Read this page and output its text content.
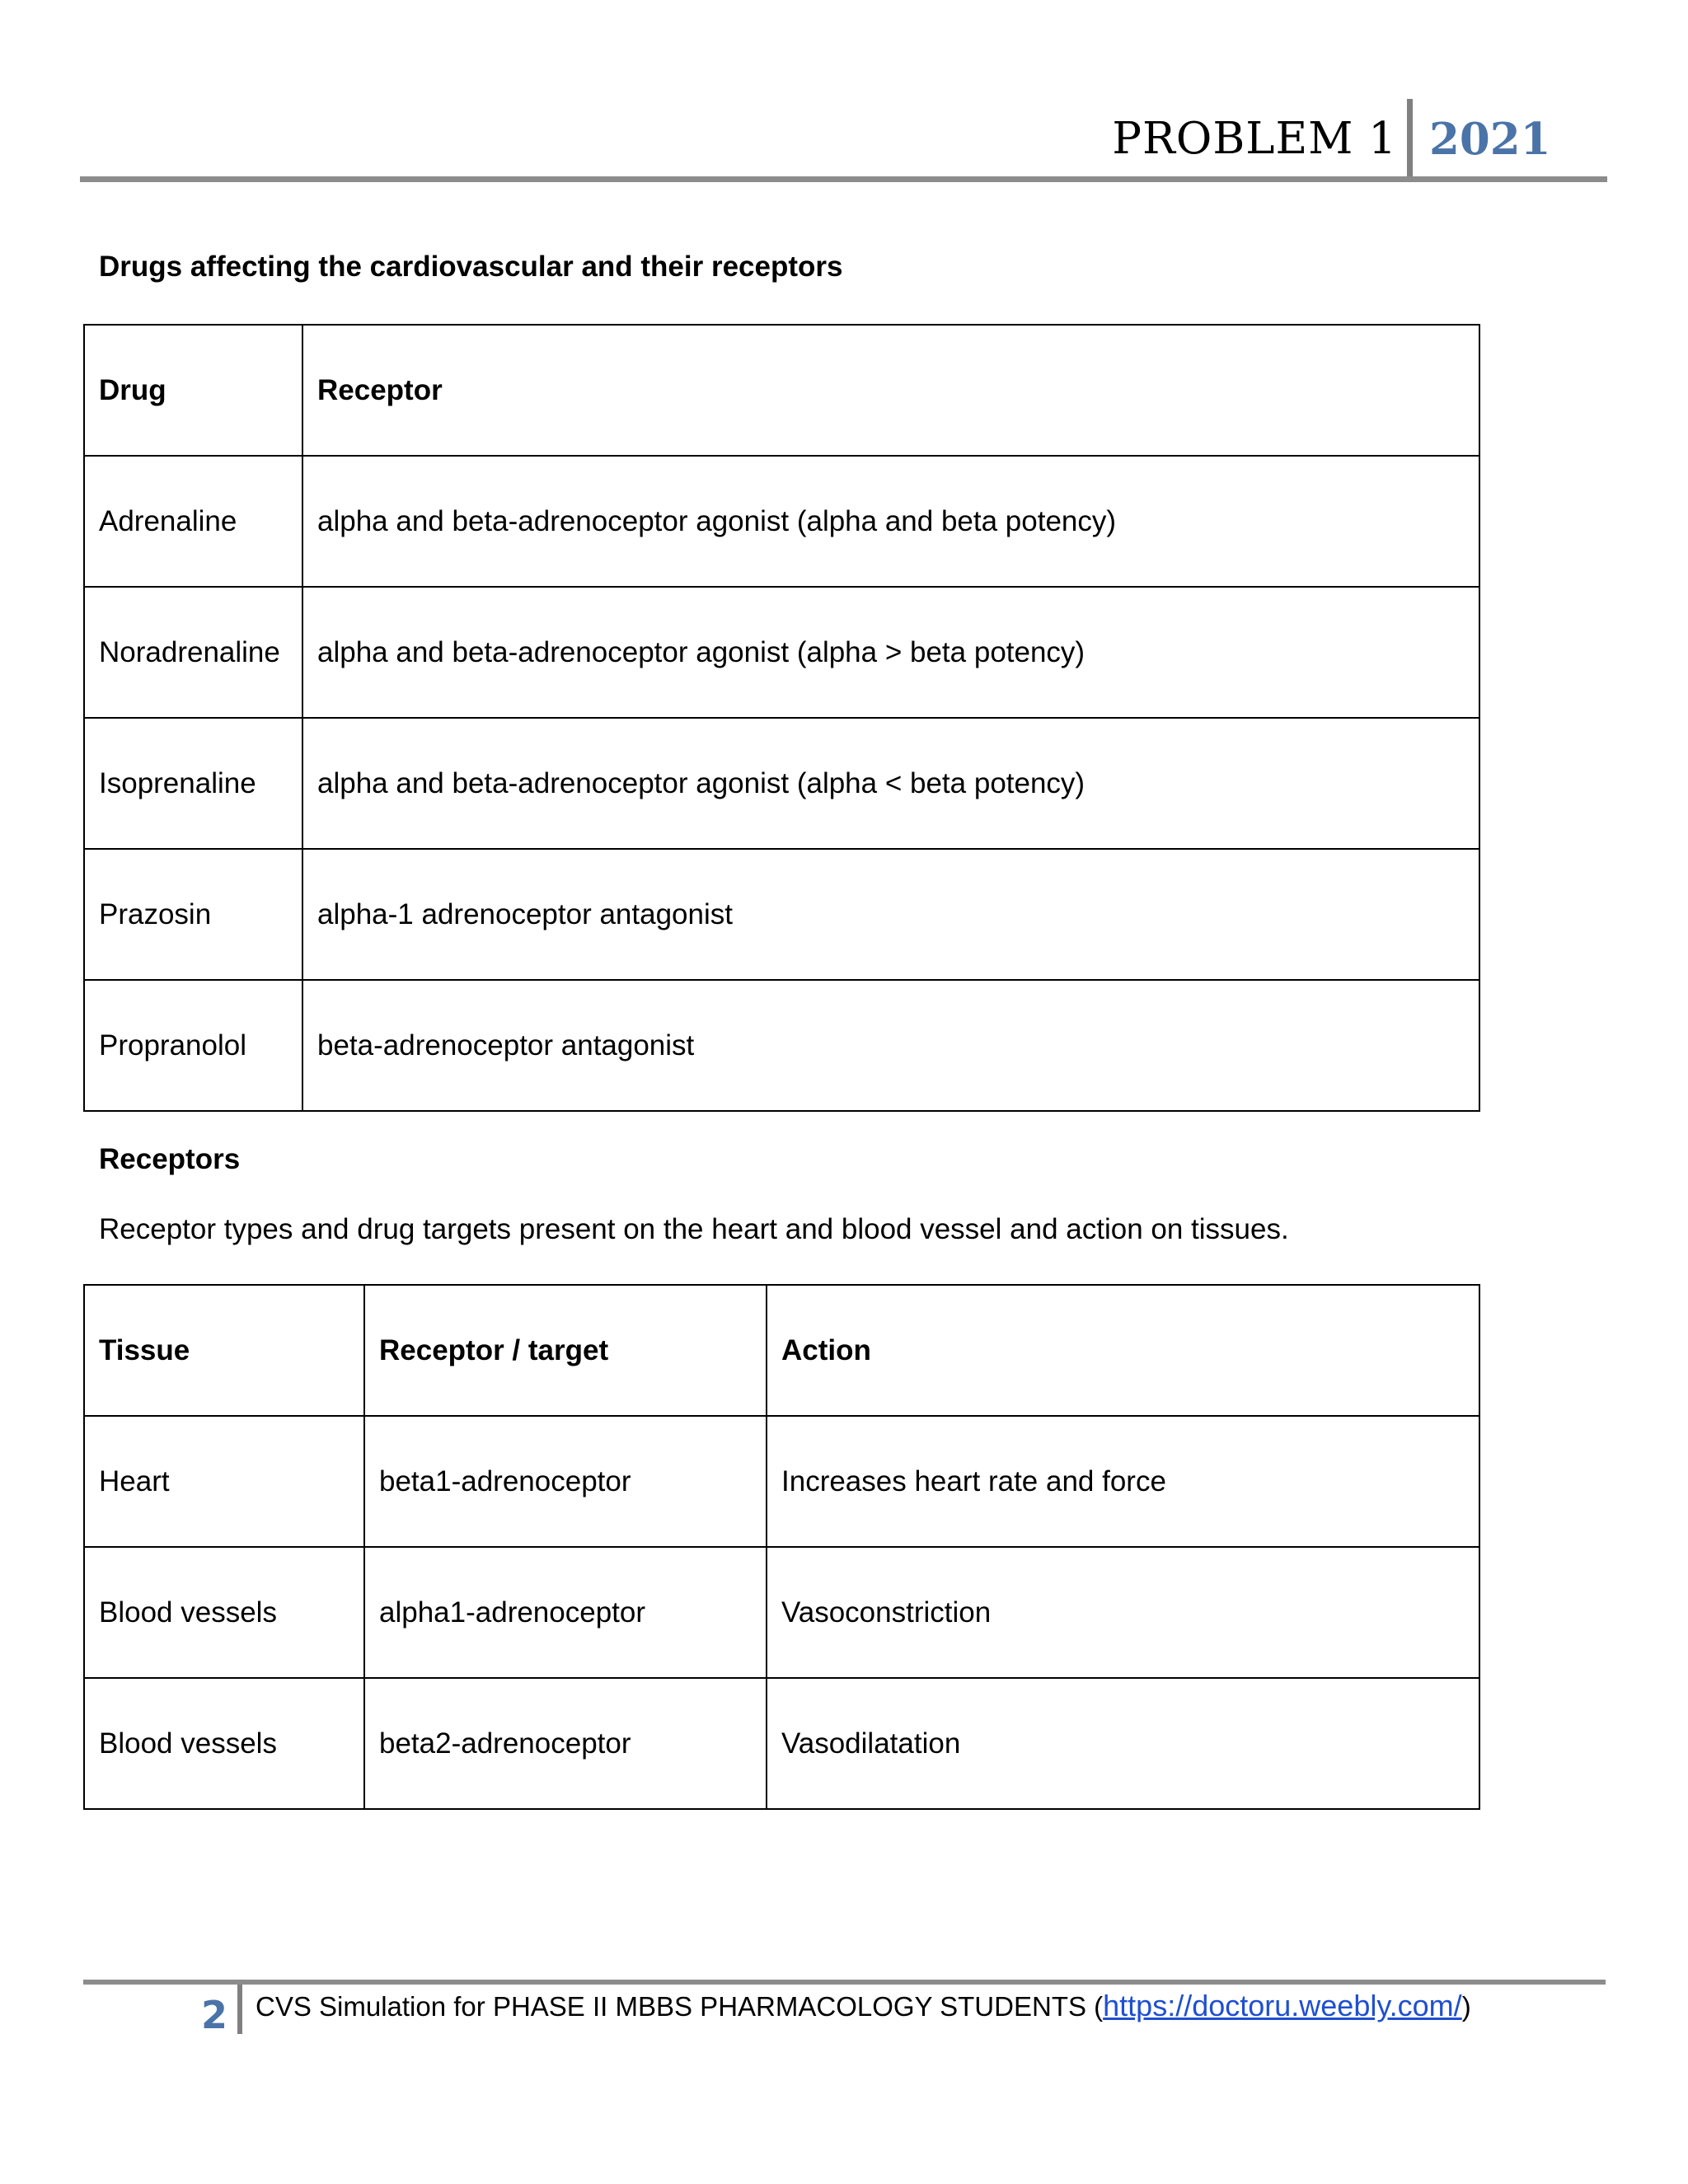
PROBLEM 1 2021
Drugs affecting the cardiovascular and their receptors
Drug	Receptor
Adrenaline	alpha and beta-adrenoceptor agonist (alpha and beta potency)
Noradrenaline	alpha and beta-adrenoceptor agonist (alpha > beta potency)
Isoprenaline	alpha and beta-adrenoceptor agonist (alpha < beta potency)
Prazosin	alpha-1 adrenoceptor antagonist
Propranolol	beta-adrenoceptor antagonist
Receptors
Receptor types and drug targets present on the heart and blood vessel and action on tissues.
Tissue	Receptor / target	Action
Heart	beta1-adrenoceptor	Increases heart rate and force
Blood vessels	alpha1-adrenoceptor	Vasoconstriction
Blood vessels	beta2-adrenoceptor	Vasodilatation
2 CVS Simulation for PHASE II MBBS PHARMACOLOGY STUDENTS (https://doctoru.weebly.com/)
